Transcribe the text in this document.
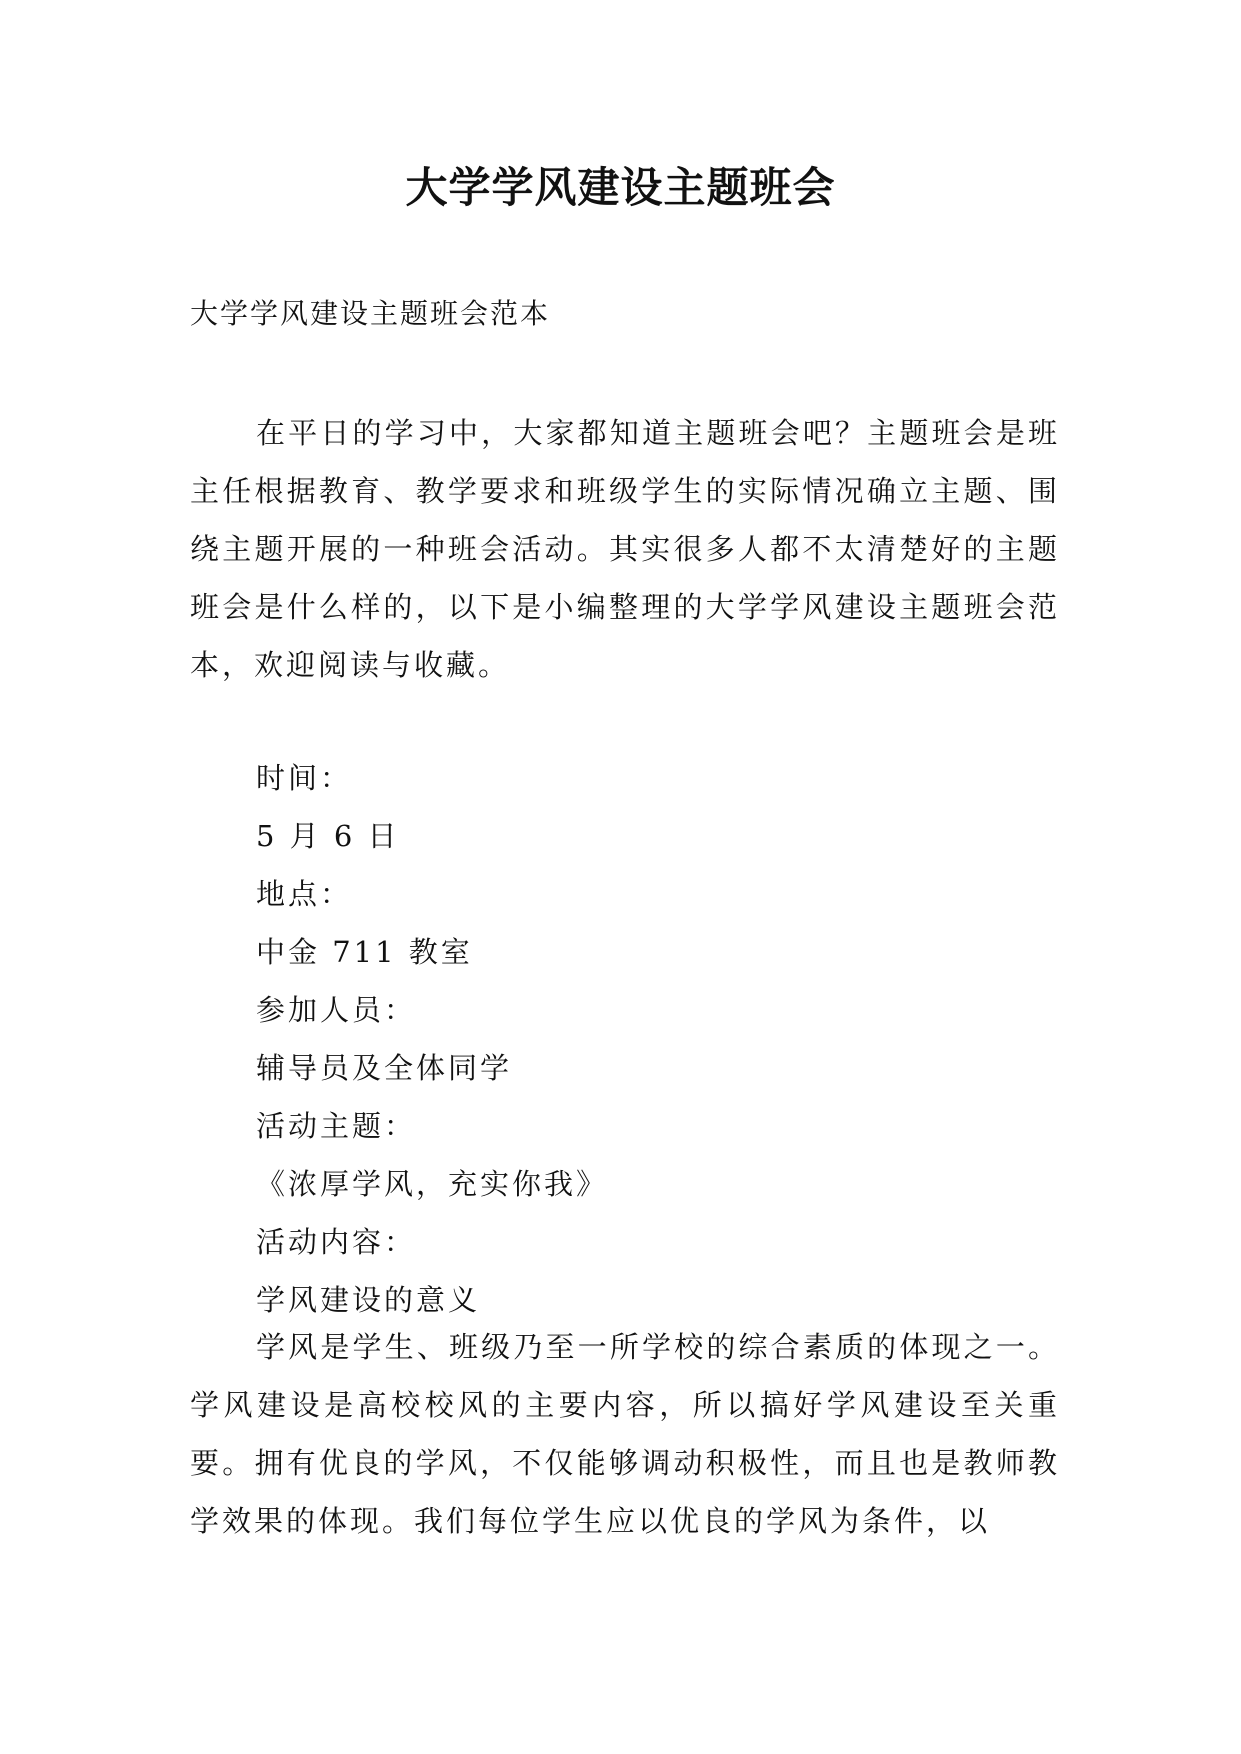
大学学风建设主题班会
大学学风建设主题班会范本

在平日的学习中，大家都知道主题班会吧？主题班会是班主任根据教育、教学要求和班级学生的实际情况确立主题、围绕主题开展的一种班会活动。其实很多人都不太清楚好的主题班会是什么样的，以下是小编整理的大学学风建设主题班会范本，欢迎阅读与收藏。

时间：
5 月 6 日
地点：
中金 711 教室
参加人员：
辅导员及全体同学
活动主题：
《浓厚学风，充实你我》
活动内容：
学风建设的意义

学风是学生、班级乃至一所学校的综合素质的体现之一。学风建设是高校校风的主要内容，所以搞好学风建设至关重要。拥有优良的学风，不仅能够调动积极性，而且也是教师教学效果的体现。我们每位学生应以优良的学风为条件，以
